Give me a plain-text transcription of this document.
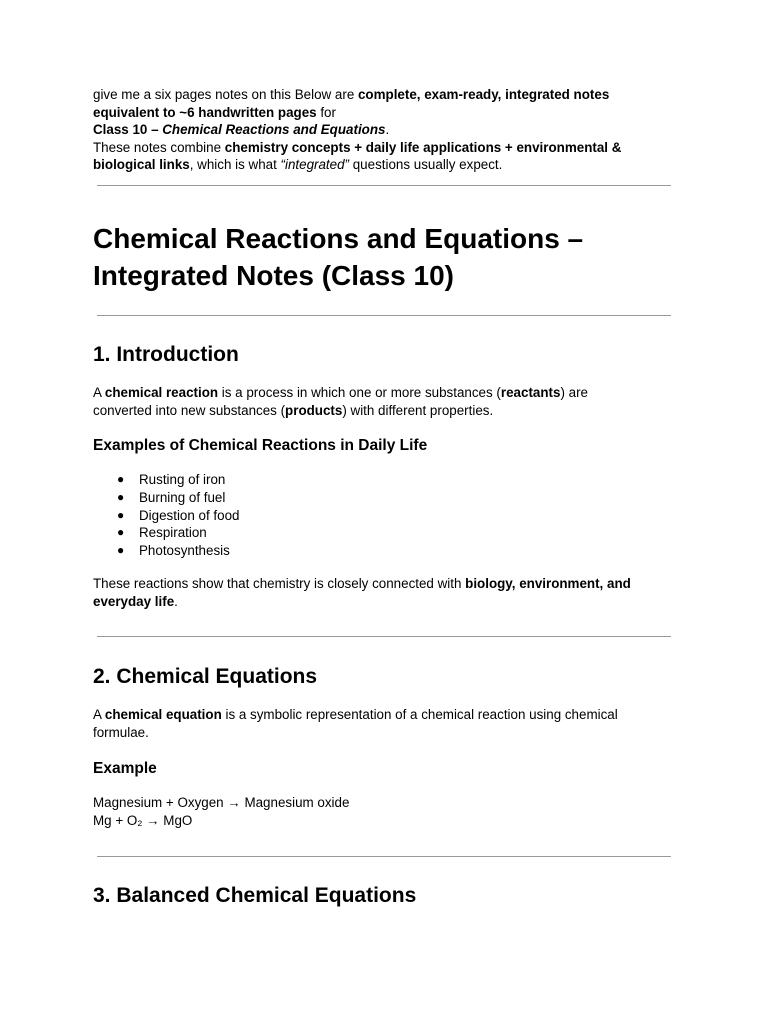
give me a six pages notes on this Below are complete, exam-ready, integrated notes

equivalent to ~6 handwritten pages for

Class 10 – Chemical Reactions and Equations.

These notes combine chemistry concepts + daily life applications + environmental &

biological links, which is what “integrated” questions usually expect.

Chemical Reactions and Equations –

Integrated Notes (Class 10)

1. Introduction

A chemical reaction is a process in which one or more substances (reactants) are

converted into new substances (products) with different properties.

Examples of Chemical Reactions in Daily Life

● Rusting of iron
● Burning of fuel
● Digestion of food
● Respiration
● Photosynthesis

These reactions show that chemistry is closely connected with biology, environment, and

everyday life.

2. Chemical Equations

A chemical equation is a symbolic representation of a chemical reaction using chemical

formulae.

Example

Magnesium + Oxygen → Magnesium oxide

Mg + O₂ → MgO

3. Balanced Chemical Equations
